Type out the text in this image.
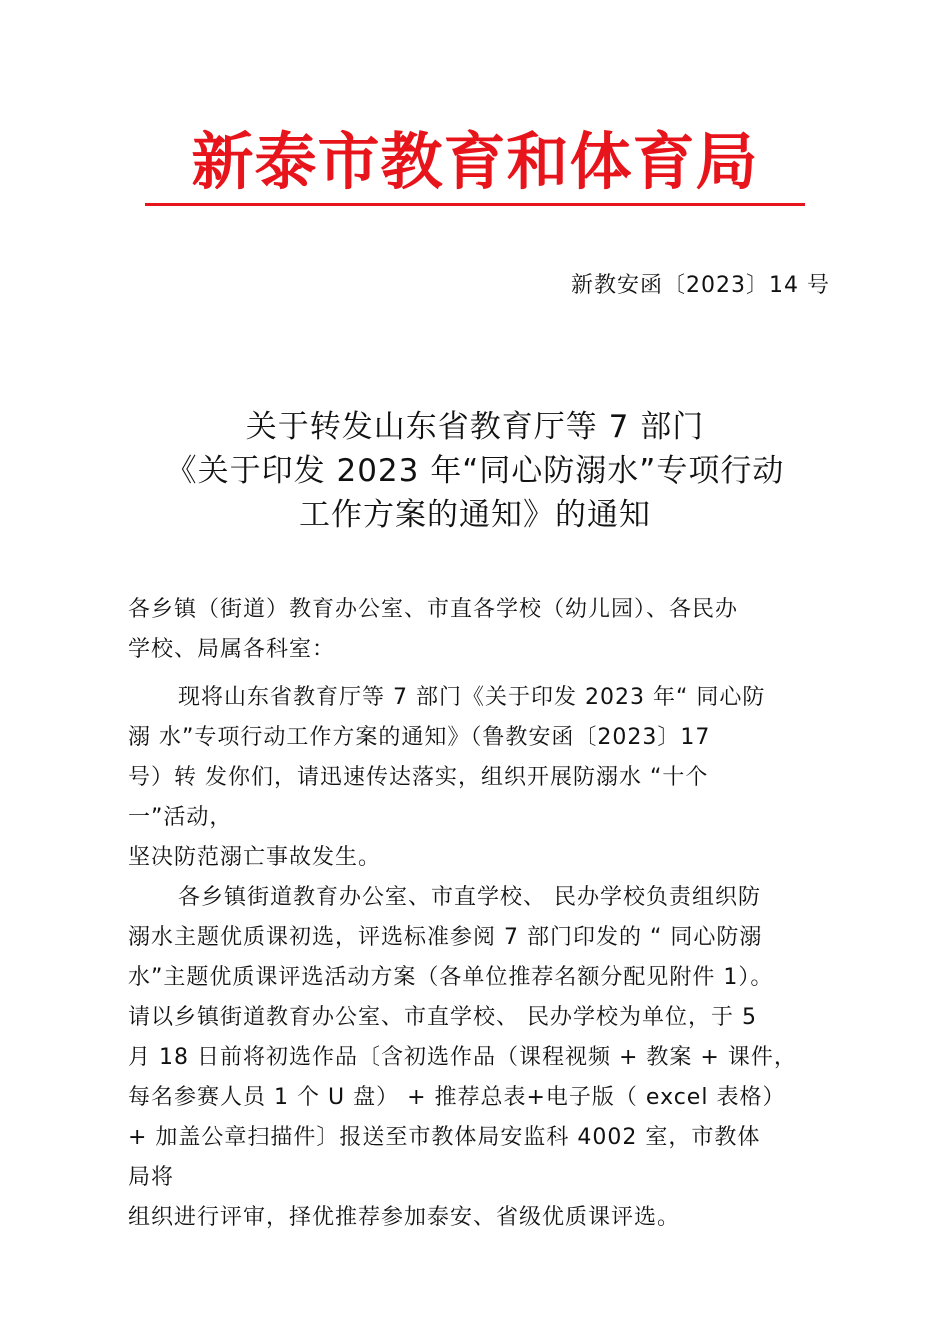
新泰市教育和体育局
新教安函〔2023〕14 号
关于转发山东省教育厅等 7 部门
《关于印发 2023 年“同心防溺水”专项行动
工作方案的通知》的通知
各乡镇（街道）教育办公室、市直各学校（幼儿园）、各民办
学校、局属各科室：
现将山东省教育厅等 7 部门《关于印发 2023 年“ 同心防
溺 水”专项行动工作方案的通知》（鲁教安函〔2023〕17
号）转 发你们，请迅速传达落实，组织开展防溺水 “十个
一”活动，
坚决防范溺亡事故发生。
各乡镇街道教育办公室、市直学校、 民办学校负责组织防
溺水主题优质课初选，评选标准参阅 7 部门印发的 “ 同心防溺
水”主题优质课评选活动方案（各单位推荐名额分配见附件 1）。
请以乡镇街道教育办公室、市直学校、 民办学校为单位，于 5
月 18 日前将初选作品〔含初选作品（课程视频 + 教案 + 课件，
每名参赛人员 1 个 U 盘） + 推荐总表+电子版（ excel 表格）
+ 加盖公章扫描件〕报送至市教体局安监科 4002 室，市教体
局将
组织进行评审，择优推荐参加泰安、省级优质课评选。
